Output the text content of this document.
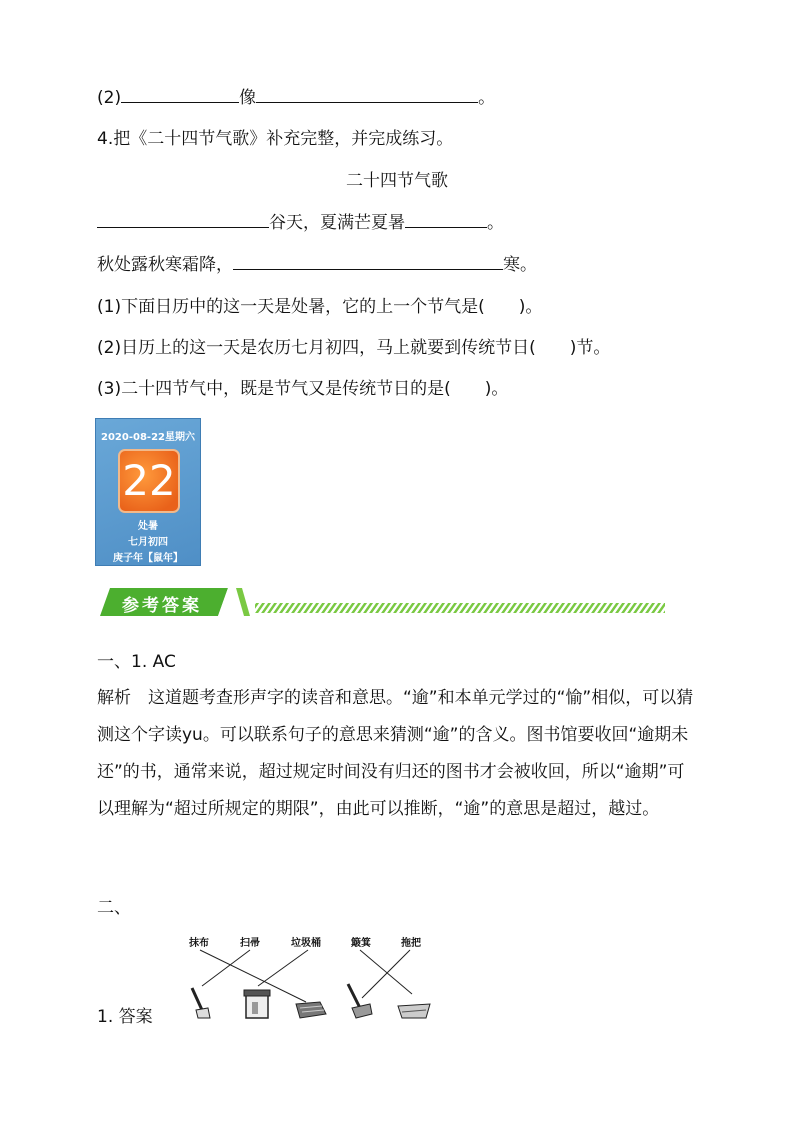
(2)	像	。
4.把《二十四节气歌》补充完整，并完成练习。
二十四节气歌
谷天，夏满芒夏暑	。
秋处露秋寒霜降，	寒。
(1)下面日历中的这一天是处暑，它的上一个节气是(　　)。
(2)日历上的这一天是农历七月初四，马上就要到传统节日(　　)节。
(3)二十四节气中，既是节气又是传统节日的是(　　)。
2020-08-22星期六
22
处暑
七月初四
庚子年【鼠年】
参考答案
一、1. AC
解析　这道题考查形声字的读音和意思。“逾”和本单元学过的“愉”相似，可以猜测这个字读yu。可以联系句子的意思来猜测“逾”的含义。图书馆要收回“逾期未还”的书，通常来说，超过规定时间没有归还的图书才会被收回，所以“逾期”可以理解为“超过所规定的期限”，由此可以推断，“逾”的意思是超过，越过。
二、
抹布	扫帚	垃圾桶	簸箕	拖把
1. 答案
